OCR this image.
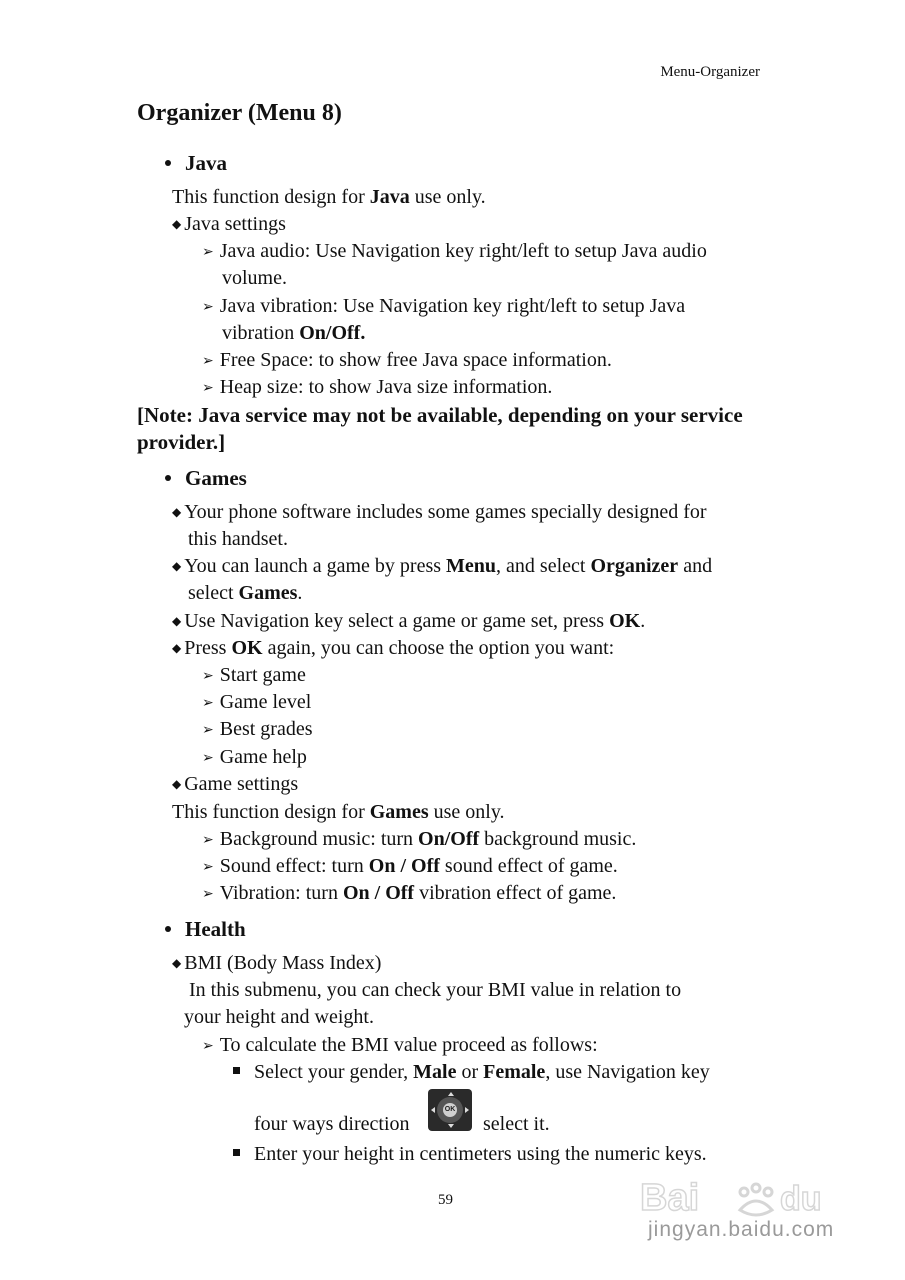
Menu-Organizer
Organizer (Menu 8)
Java
This function design for Java use only.
◆ Java settings
➢ Java audio: Use Navigation key right/left to setup Java audio
volume.
➢ Java vibration: Use Navigation key right/left to setup Java
vibration On/Off.
➢ Free Space: to show free Java space information.
➢ Heap size: to show Java size information.
[Note: Java service may not be available, depending on your service
provider.]
Games
◆ Your phone software includes some games specially designed for
this handset.
◆ You can launch a game by press Menu, and select Organizer and
select Games.
◆ Use Navigation key select a game or game set, press OK.
◆ Press OK again, you can choose the option you want:
➢ Start game
➢ Game level
➢ Best grades
➢ Game help
◆ Game settings
This function design for Games use only.
➢ Background music: turn On/Off background music.
➢ Sound effect: turn On / Off sound effect of game.
➢ Vibration: turn On / Off vibration effect of game.
Health
◆ BMI (Body Mass Index)
In this submenu, you can check your BMI value in relation to
your height and weight.
➢ To calculate the BMI value proceed as follows:
Select your gender, Male or Female, use Navigation key
four ways direction
OK
select it.
Enter your height in centimeters using the numeric keys.
59	Bai du
jingyan.baidu.com
